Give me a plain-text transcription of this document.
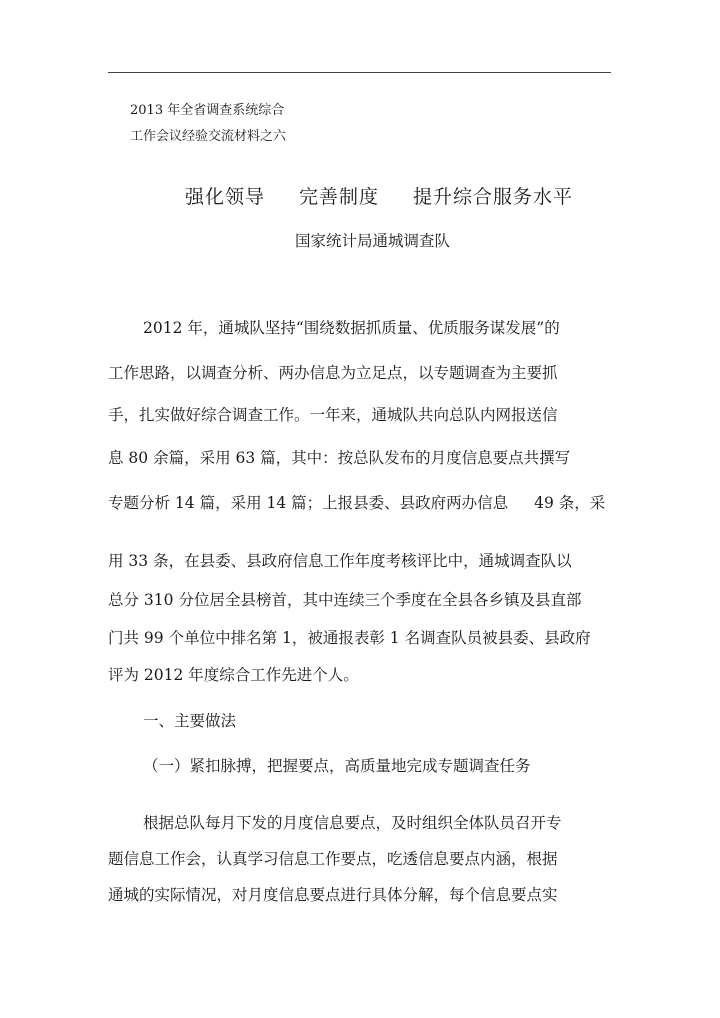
2013 年全省调查系统综合
工作会议经验交流材料之六
强化领导 完善制度 提升综合服务水平
国家统计局通城调查队
2012 年，通城队坚持“围绕数据抓质量、优质服务谋发展”的
工作思路，以调查分析、两办信息为立足点，以专题调查为主要抓
手，扎实做好综合调查工作。一年来，通城队共向总队内网报送信
息 80 余篇，采用 63 篇，其中：按总队发布的月度信息要点共撰写
专题分析 14 篇，采用 14 篇；上报县委、县政府两办信息 49 条，采
用 33 条，在县委、县政府信息工作年度考核评比中，通城调查队以
总分 310 分位居全县榜首，其中连续三个季度在全县各乡镇及县直部
门共 99 个单位中排名第 1，被通报表彰 1 名调查队员被县委、县政府
评为 2012 年度综合工作先进个人。
一、主要做法
（一）紧扣脉搏，把握要点，高质量地完成专题调查任务
根据总队每月下发的月度信息要点，及时组织全体队员召开专
题信息工作会，认真学习信息工作要点，吃透信息要点内涵，根据
通城的实际情况，对月度信息要点进行具体分解，每个信息要点实
